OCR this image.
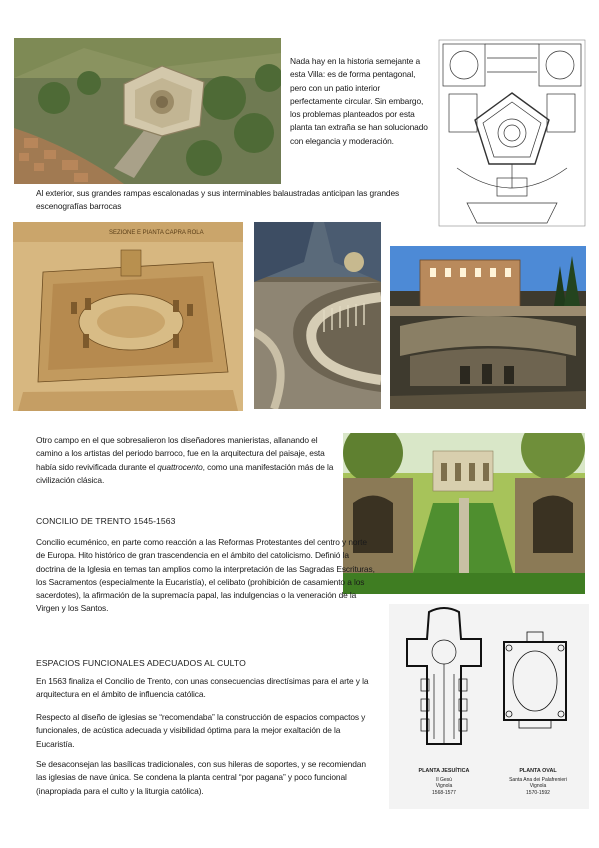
Nada hay en la historia semejante a esta Villa: es de forma pentagonal, pero con un patio interior perfectamente circular. Sin embargo, los problemas planteados por esta planta tan extraña se han solucionado con elegancia y moderación.
Al exterior, sus grandes rampas escalonadas y sus interminables balaustradas anticipan las grandes escenografías barrocas
SEZIONE E PIANTA CAPRA ROLA
Otro campo en el que sobresalieron los diseñadores manieristas, allanando el camino a los artistas del periodo barroco, fue en la arquitectura del paisaje, esta había sido revivificada durante el quattrocento, como una manifestación más de la civilización clásica.
CONCILIO DE TRENTO 1545-1563
Concilio ecuménico, en parte como reacción a las Reformas Protestantes del centro y norte de Europa. Hito histórico de gran trascendencia en el ámbito del catolicismo. Definió la doctrina de la Iglesia en temas tan amplios como la interpretación de las Sagradas Escrituras, los Sacramentos (especialmente la Eucaristía), el celibato (prohibición de casamiento a los sacerdotes), la afirmación de la supremacía papal, las indulgencias o la veneración de la Virgen y los Santos.
ESPACIOS FUNCIONALES ADECUADOS AL CULTO
En 1563 finaliza el Concilio de Trento, con unas consecuencias directísimas para el arte y la arquitectura en el ámbito de influencia católica.
Respecto al diseño de iglesias se “recomendaba” la construcción de espacios compactos y funcionales, de acústica adecuada y visibilidad óptima para la mejor exaltación de la Eucaristía.
Se desaconsejan las basílicas tradicionales, con sus hileras de soportes, y se recomiendan las iglesias de nave única. Se condena la planta central “por pagana” y poco funcional (inapropiada para el culto y la liturgia católica).
PLANTA JESUÍTICA
Il Gesù
Vignola
1568-1577
PLANTA OVAL
Santa Ana dei Palafrenieri
Vignola
1570-1592
